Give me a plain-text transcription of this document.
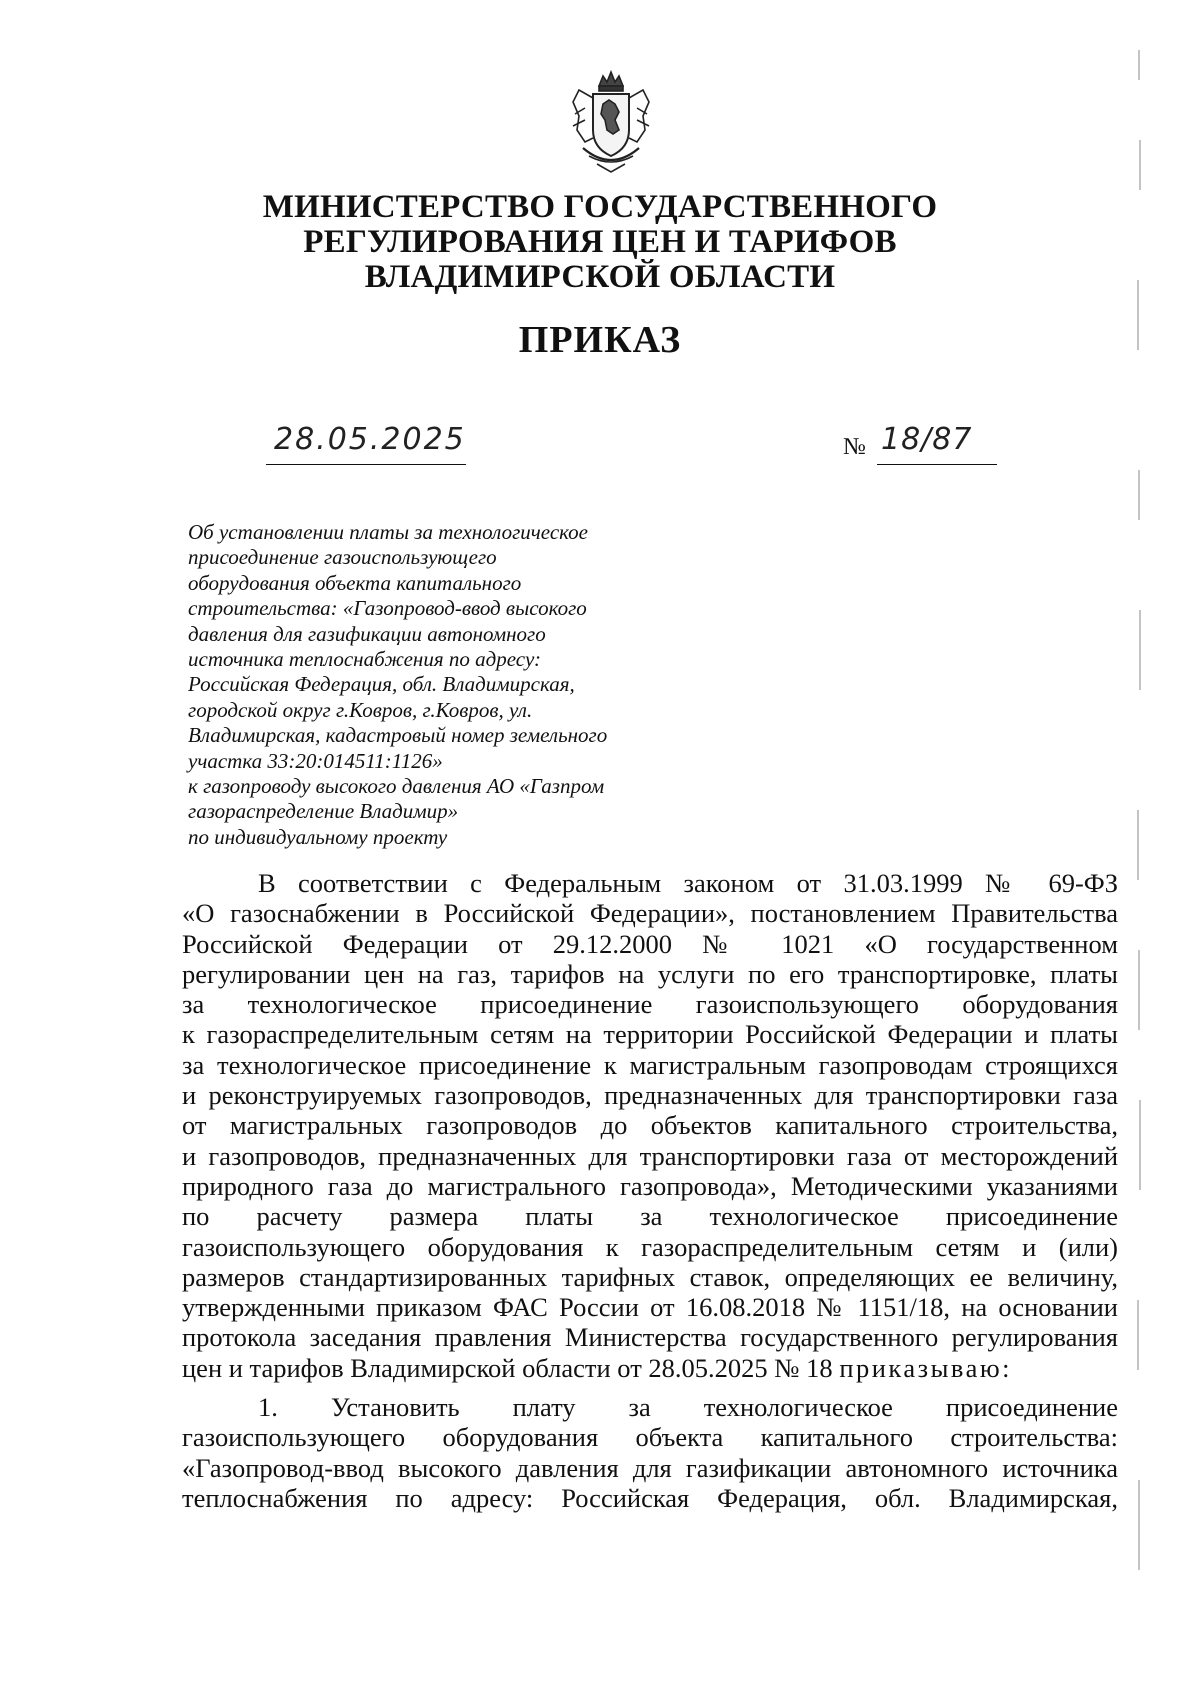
МИНИСТЕРСТВО ГОСУДАРСТВЕННОГО
РЕГУЛИРОВАНИЯ ЦЕН И ТАРИФОВ
ВЛАДИМИРСКОЙ ОБЛАСТИ
ПРИКАЗ
28.05.2025	№ 18/87
Об установлении платы за технологическое
присоединение газоиспользующего
оборудования объекта капитального
строительства: «Газопровод-ввод высокого
давления для газификации автономного
источника теплоснабжения по адресу:
Российская Федерация, обл. Владимирская,
городской округ г.Ковров, г.Ковров, ул.
Владимирская, кадастровый номер земельного
участка 33:20:014511:1126»
к газопроводу высокого давления АО «Газпром
газораспределение Владимир»
по индивидуальному проекту
В соответствии с Федеральным законом от 31.03.1999 № 69-ФЗ
«О газоснабжении в Российской Федерации», постановлением Правительства
Российской Федерации от 29.12.2000 № 1021 «О государственном
регулировании цен на газ, тарифов на услуги по его транспортировке, платы
за технологическое присоединение газоиспользующего оборудования
к газораспределительным сетям на территории Российской Федерации и платы
за технологическое присоединение к магистральным газопроводам строящихся
и реконструируемых газопроводов, предназначенных для транспортировки газа
от магистральных газопроводов до объектов капитального строительства,
и газопроводов, предназначенных для транспортировки газа от месторождений
природного газа до магистрального газопровода», Методическими указаниями
по расчету размера платы за технологическое присоединение
газоиспользующего оборудования к газораспределительным сетям и (или)
размеров стандартизированных тарифных ставок, определяющих ее величину,
утвержденными приказом ФАС России от 16.08.2018 № 1151/18, на основании
протокола заседания правления Министерства государственного регулирования
цен и тарифов Владимирской области от 28.05.2025 № 18 приказываю:
1. Установить плату за технологическое присоединение
газоиспользующего оборудования объекта капитального строительства:
«Газопровод-ввод высокого давления для газификации автономного источника
теплоснабжения по адресу: Российская Федерация, обл. Владимирская,
